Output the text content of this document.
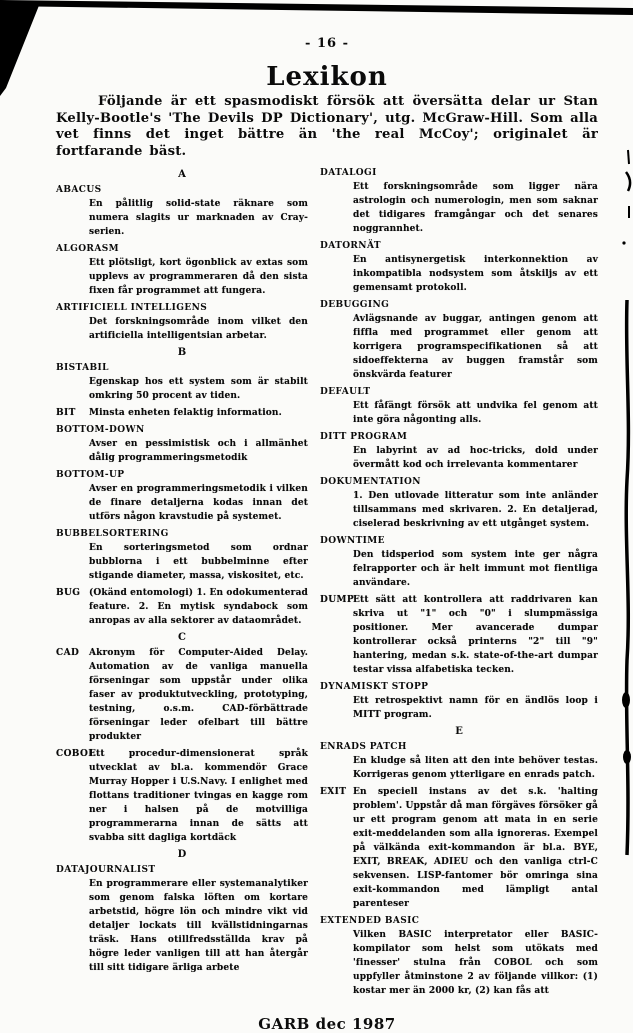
- 16 -
Lexikon

Följande är ett spasmodiskt försök att översätta delar ur Stan Kelly-Bootle's 'The Devils DP Dictionary', utg. McGraw-Hill. Som alla vet finns det inget bättre än 'the real McCoy'; originalet är fortfarande bäst.

A
ABACUS

En pålitlig solid-state räknare som numera slagits ur marknaden av Cray-serien.

ALGORASM

Ett plötsligt, kort ögonblick av extas som upplevs av programmeraren då den sista fixen får programmet att fungera.

ARTIFICIELL INTELLIGENS

Det forskningsområde inom vilket den artificiella intelligentsian arbetar.

B
BISTABIL

Egenskap hos ett system som är stabilt omkring 50 procent av tiden.

BIT Minsta enheten felaktig information.

BOTTOM-DOWN

Avser en pessimistisk och i allmänhet dålig programmeringsmetodik

BOTTOM-UP

Avser en programmeringsmetodik i vilken de finare detaljerna kodas innan det utförs någon kravstudie på systemet.

BUBBELSORTERING

En sorteringsmetod som ordnar bubblorna i ett bubbelminne efter stigande diameter, massa, viskositet, etc.

BUG (Okänd entomologi) 1. En odokumenterad feature. 2. En mytisk syndabock som anropas av alla sektorer av dataområdet.

C

CAD Akronym för Computer-Aided Delay. Automation av de vanliga manuella förseningar som uppstår under olika faser av produktutveckling, prototyping, testning, o.s.m. CAD-förbättrade förseningar leder ofelbart till bättre produkter

COBOL
Ett procedur-dimensionerat språk utvecklat av bl.a. kommendör Grace Murray Hopper i U.S.Navy. I enlighet med flottans traditioner tvingas en kagge rom ner i halsen på de motvilliga programmerarna innan de sätts att svabba sitt dagliga kortdäck

D
DATAJOURNALIST

En programmerare eller systemanalytiker som genom falska löften om kortare arbetstid, högre lön och mindre vikt vid detaljer lockats till kvällstidningarnas träsk. Hans otillfredsställda krav på högre leder vanligen till att han återgår till sitt tidigare ärliga arbete

DATALOGI

Ett forskningsområde som ligger nära astrologin och numerologin, men som saknar det tidigares framgångar och det senares noggrannhet.

DATORNÄT

En antisynergetisk interkonnektion av inkompatibla nodsystem som åtskiljs av ett gemensamt protokoll.

DEBUGGING

Avlägsnande av buggar, antingen genom att fiffla med programmet eller genom att korrigera programspecifikationen så att sidoeffekterna av buggen framstår som önskvärda featurer

DEFAULT

Ett fåfängt försök att undvika fel genom att inte göra någonting alls.

DITT PROGRAM

En labyrint av ad hoc-tricks, dold under övermått kod och irrelevanta kommentarer

DOKUMENTATION

1. Den utlovade litteratur som inte anländer tillsammans med skrivaren. 2. En detaljerad, ciselerad beskrivning av ett utgånget system.

DOWNTIME

Den tidsperiod som system inte ger några felrapporter och är helt immunt mot fientliga användare.

DUMP Ett sätt att kontrollera att raddrivaren kan skriva ut "1" och "0" i slumpmässiga positioner. Mer avancerade dumpar kontrollerar också printerns "2" till "9" hantering, medan s.k. state-of-the-art dumpar testar vissa alfabetiska tecken.

DYNAMISKT STOPP

Ett retrospektivt namn för en ändlös loop i MITT program.

E
ENRADS PATCH

En kludge så liten att den inte behöver testas. Korrigeras genom ytterligare en enrads patch.

EXIT En speciell instans av det s.k. 'halting problem'. Uppstår då man förgäves försöker gå ur ett program genom att mata in en serie exit-meddelanden som alla ignoreras. Exempel på välkända exit-kommandon är bl.a. BYE, EXIT, BREAK, ADIEU och den vanliga ctrl-C sekvensen. LISP-fantomer bör omringa sina exit-kommandon med lämpligt antal parenteser

EXTENDED BASIC

Vilken BASIC interpretator eller BASIC-kompilator som helst som utökats med 'finesser' stulna från COBOL och som uppfyller åtminstone 2 av följande villkor: (1) kostar mer än 2000 kr, (2) kan fås att

GARB dec 1987
